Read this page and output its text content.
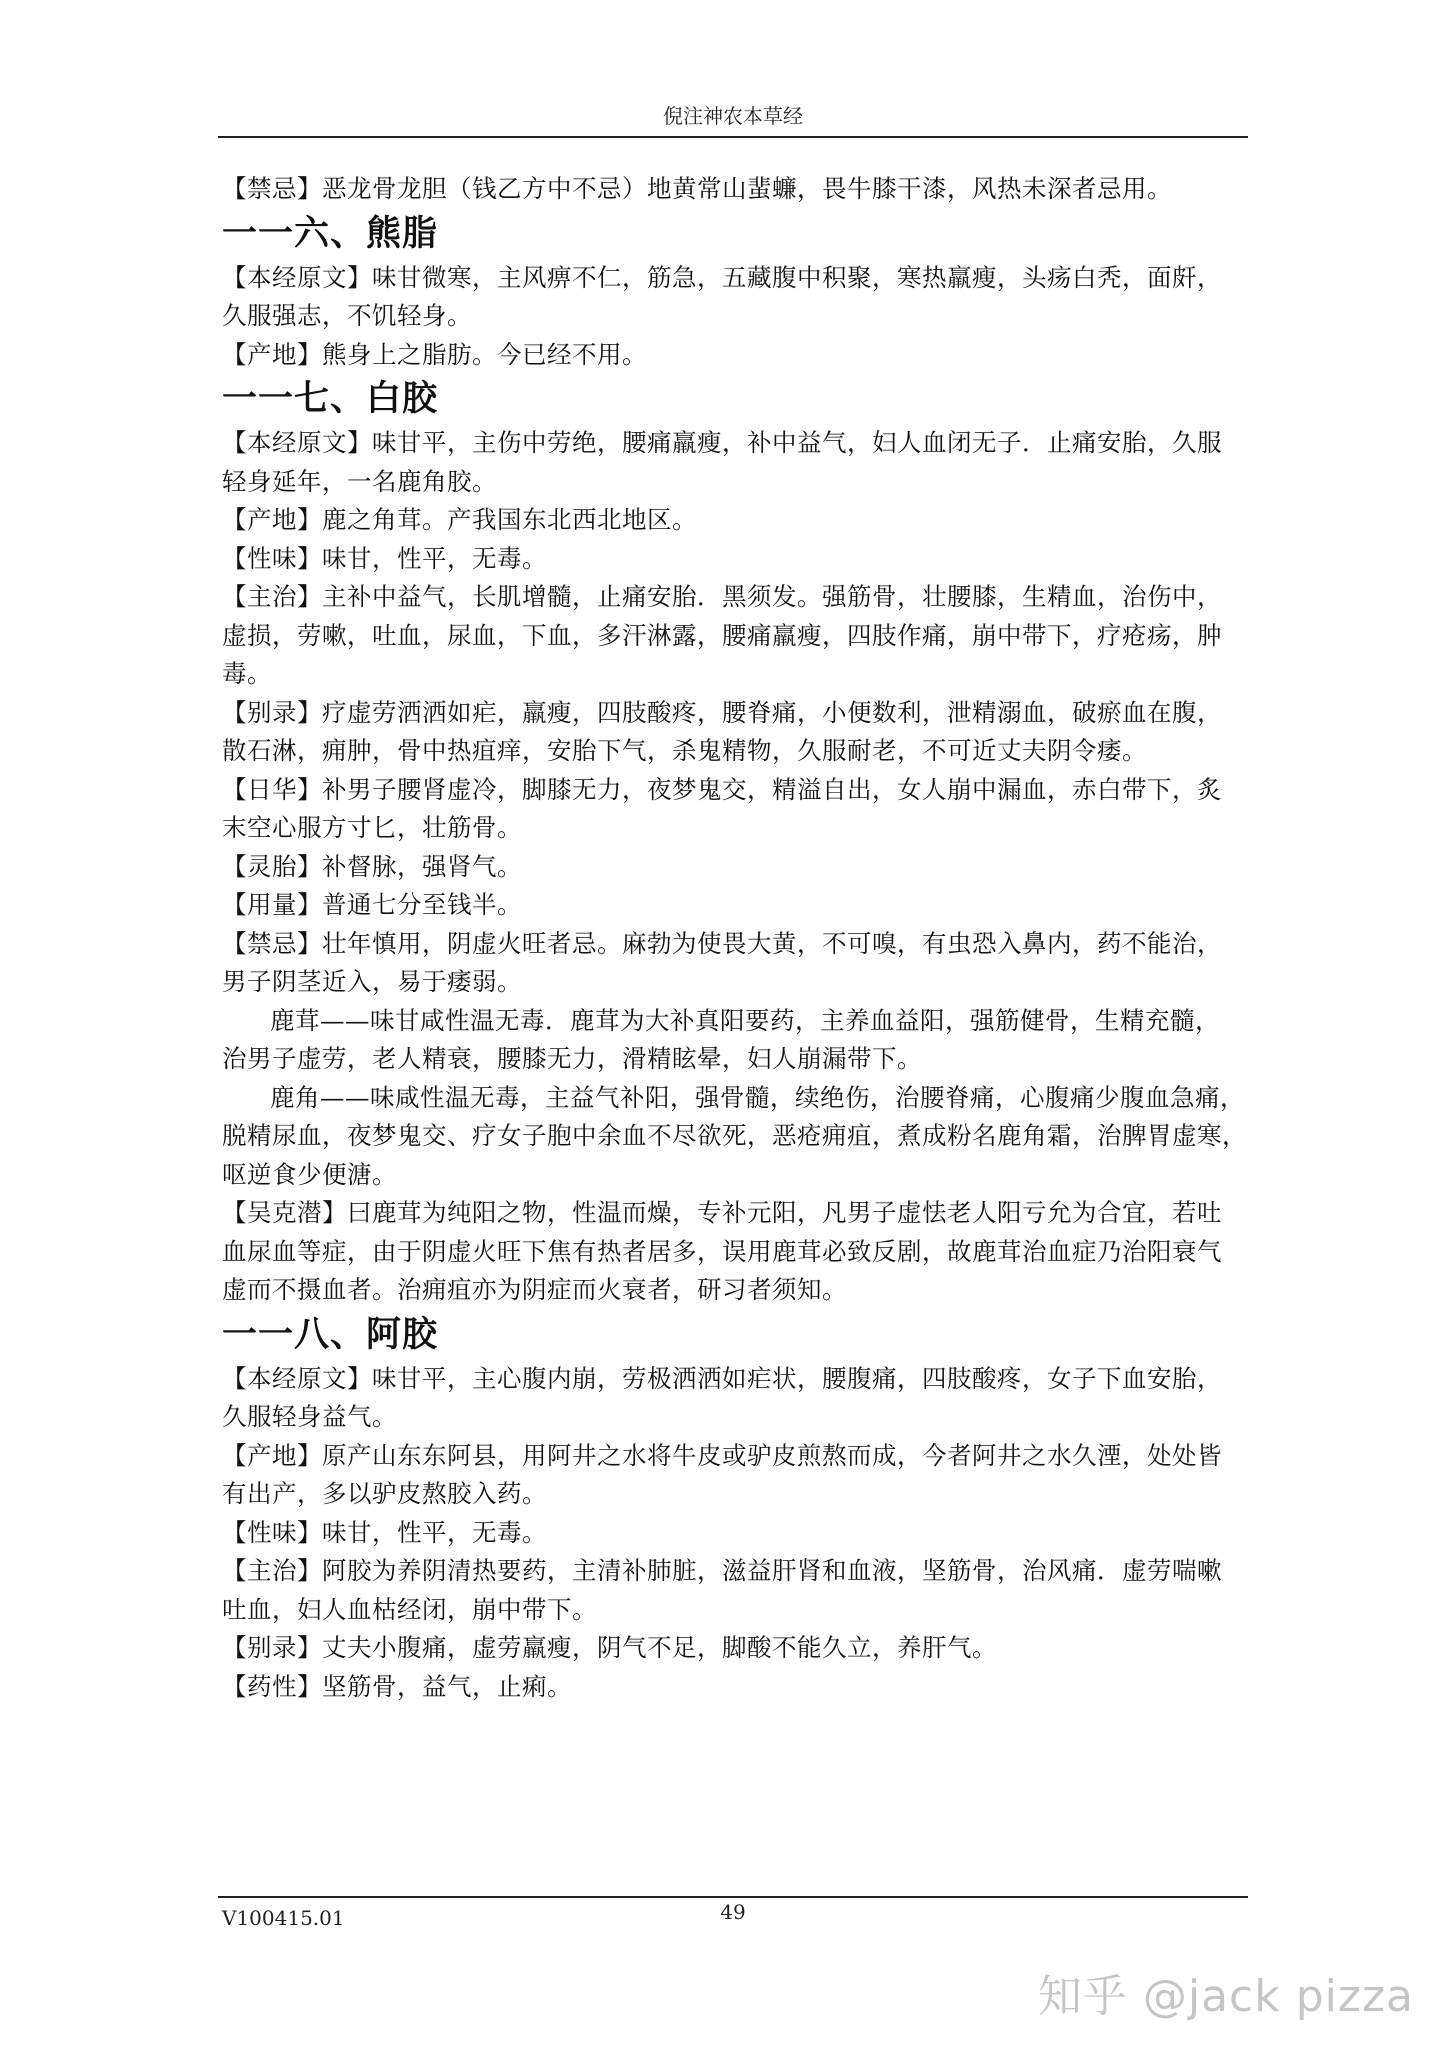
倪注神农本草经

【禁忌】恶龙骨龙胆（钱乙方中不忌）地黄常山蜚蠊，畏牛膝干漆，风热未深者忌用。

一一六、熊脂

【本经原文】味甘微寒，主风痹不仁，筋急，五藏腹中积聚，寒热羸瘦，头疡白秃，面皯，

久服强志，不饥轻身。

【产地】熊身上之脂肪。今已经不用。

一一七、白胶

【本经原文】味甘平，主伤中劳绝，腰痛羸瘦，补中益气，妇人血闭无子．止痛安胎，久服

轻身延年，一名鹿角胶。

【产地】鹿之角茸。产我国东北西北地区。

【性味】味甘，性平，无毒。

【主治】主补中益气，长肌增髓，止痛安胎．黑须发。强筋骨，壮腰膝，生精血，治伤中，

虚损，劳嗽，吐血，尿血，下血，多汗淋露，腰痛羸瘦，四肢作痛，崩中带下，疗疮疡，肿

毒。

【别录】疗虚劳洒洒如疟，羸瘦，四肢酸疼，腰脊痛，小便数利，泄精溺血，破瘀血在腹，

散石淋，痈肿，骨中热疽痒，安胎下气，杀鬼精物，久服耐老，不可近丈夫阴令痿。

【日华】补男子腰肾虚冷，脚膝无力，夜梦鬼交，精溢自出，女人崩中漏血，赤白带下，炙

末空心服方寸匕，壮筋骨。

【灵胎】补督脉，强肾气。

【用量】普通七分至钱半。

【禁忌】壮年慎用，阴虚火旺者忌。麻勃为使畏大黄，不可嗅，有虫恐入鼻内，药不能治，

男子阴茎近入，易于痿弱。

鹿茸——味甘咸性温无毒．鹿茸为大补真阳要药，主养血益阳，强筋健骨，生精充髓，

治男子虚劳，老人精衰，腰膝无力，滑精眩晕，妇人崩漏带下。

鹿角——味咸性温无毒，主益气补阳，强骨髓，续绝伤，治腰脊痛，心腹痛少腹血急痛，

脱精尿血，夜梦鬼交、疗女子胞中余血不尽欲死，恶疮痈疽，煮成粉名鹿角霜，治脾胃虚寒，

呕逆食少便溏。

【吴克潜】曰鹿茸为纯阳之物，性温而燥，专补元阳，凡男子虚怯老人阳亏允为合宜，若吐

血尿血等症，由于阴虚火旺下焦有热者居多，误用鹿茸必致反剧，故鹿茸治血症乃治阳衰气

虚而不摄血者。治痈疽亦为阴症而火衰者，研习者须知。

一一八、阿胶

【本经原文】味甘平，主心腹内崩，劳极洒洒如疟状，腰腹痛，四肢酸疼，女子下血安胎，

久服轻身益气。

【产地】原产山东东阿县，用阿井之水将牛皮或驴皮煎熬而成，今者阿井之水久湮，处处皆

有出产，多以驴皮熬胶入药。

【性味】味甘，性平，无毒。

【主治】阿胶为养阴清热要药，主清补肺脏，滋益肝肾和血液，坚筋骨，治风痛．虚劳喘嗽

吐血，妇人血枯经闭，崩中带下。

【别录】丈夫小腹痛，虚劳羸瘦，阴气不足，脚酸不能久立，养肝气。

【药性】坚筋骨，益气，止痢。

V100415.01	49
知乎 @jack pizza
